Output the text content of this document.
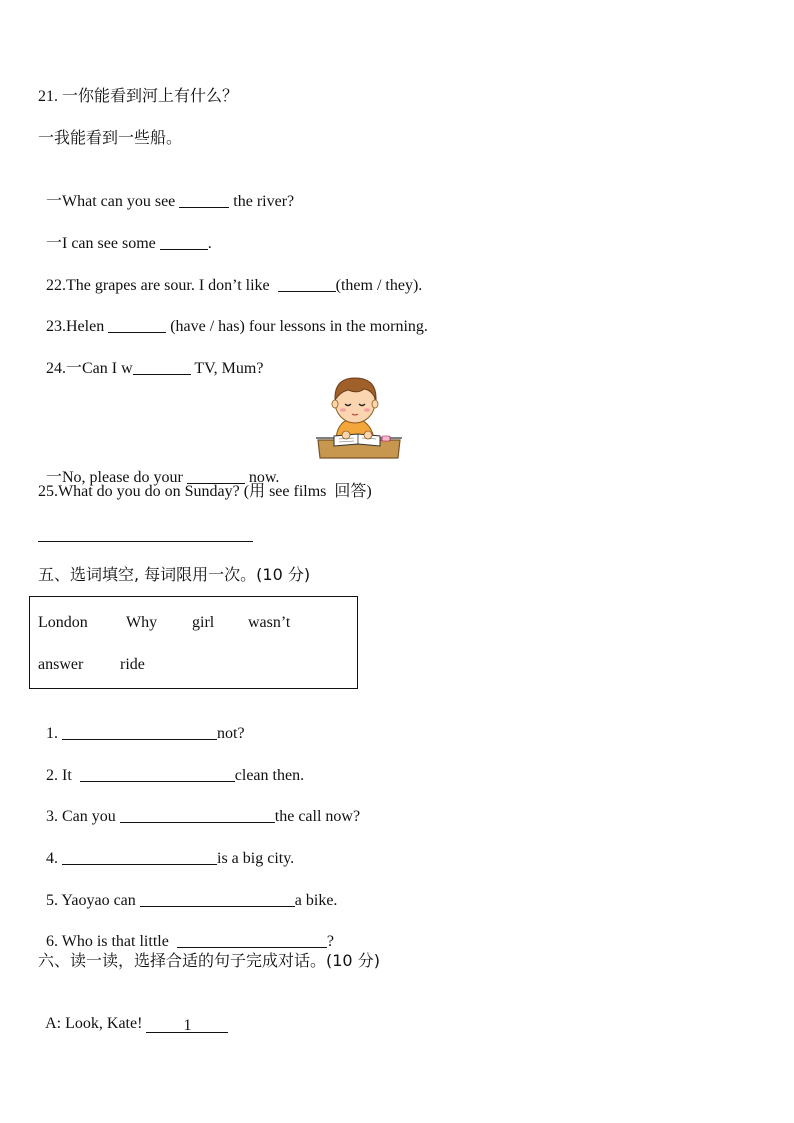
21. 一你能看到河上有什么？
一我能看到一些船。

一What can you see	the river?

一I can see some	.

22.The grapes are sour. I don’t like	(them / they).

23.Helen	(have / has) four lessons in the morning.

24.一Can I w	TV, Mum?

一No, please do your	now.

25.What do you do on Sunday? (用 see films  回答)
五、选词填空, 每词限用一次。(10 分)
London Why girl wasn’t
answer ride

1.	not?

2. It	clean then.

3. Can you	the call now?

4.	is a big city.

5. Yaoyao can	a bike.

6. Who is that little	?

六、读一读，选择合适的句子完成对话。(10 分)

A: Look, Kate! 1
